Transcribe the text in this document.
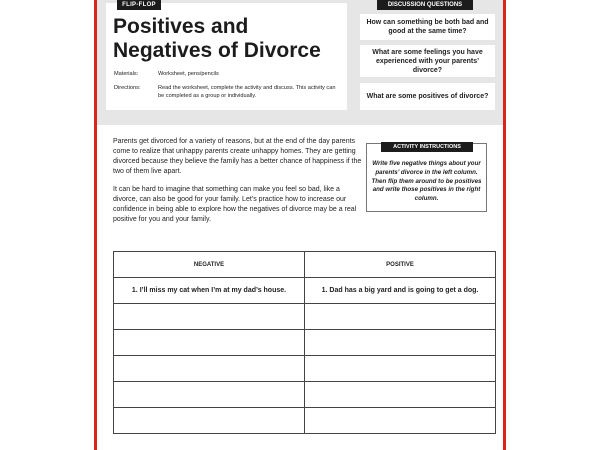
FLIP-FLOP
Positives and Negatives of Divorce
Materials:	Worksheet, pens/pencils
Directions:	Read the worksheet, complete the activity and discuss. This activity can be completed as a group or individually.
DISCUSSION QUESTIONS
How can something be both bad and good at the same time?
What are some feelings you have experienced with your parents’ divorce?
What are some positives of divorce?

Parents get divorced for a variety of reasons, but at the end of the day parents come to realize that unhappy parents create unhappy homes. They are getting divorced because they believe the family has a better chance of happiness if the two of them live apart.

It can be hard to imagine that something can make you feel so bad, like a divorce, can also be good for your family. Let’s practice how to increase our confidence in being able to explore how the negatives of divorce may be a real positive for you and your family.

ACTIVITY INSTRUCTIONS

Write five negative things about your parents’ divorce in the left column. Then flip them around to be positives and write those positives in the right column.

NEGATIVE	POSITIVE
1. I’ll miss my cat when I’m at my dad’s house.	1. Dad has a big yard and is going to get a dog.
